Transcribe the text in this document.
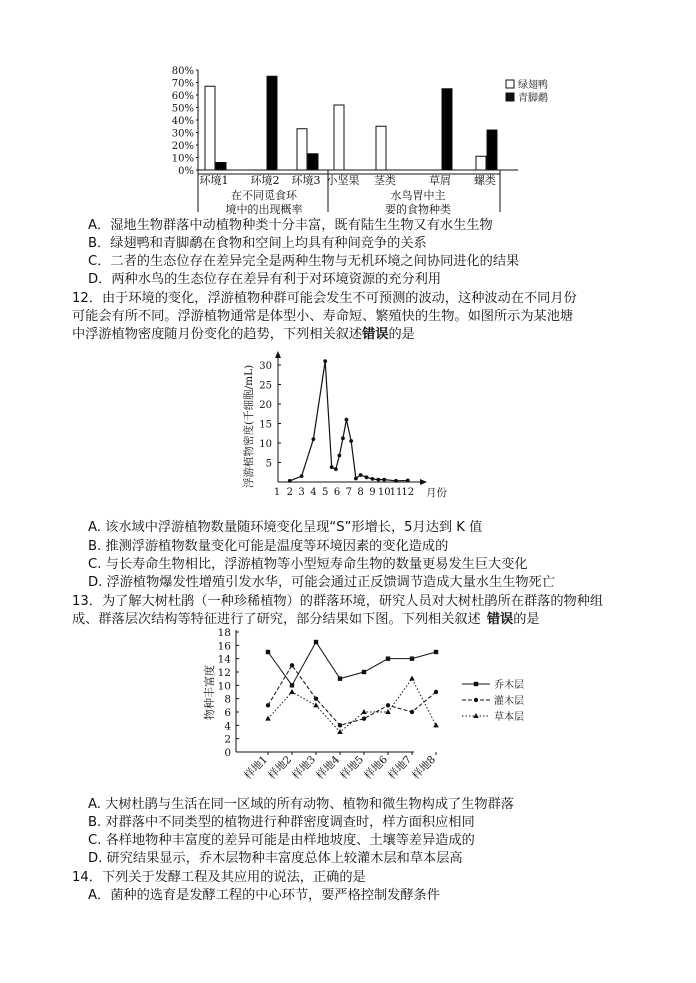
80%
70%
60%
50%
40%
30%
20%
10%
0%
环境1 环境2 环境3 小坚果 茎类	草屑 螺类
在不同觅食环
境中的出现概率
水鸟胃中主
要的食物种类
绿翅鸭
青脚鹬
A．湿地生物群落中动植物种类十分丰富，既有陆生生物又有水生生物
B．绿翅鸭和青脚鹬在食物和空间上均具有种间竞争的关系
C．二者的生态位存在差异完全是两种生物与无机环境之间协同进化的结果
D．两种水鸟的生态位存在差异有利于对环境资源的充分利用
12．由于环境的变化，浮游植物种群可能会发生不可预测的波动，这种波动在不同月份
可能会有所不同。浮游植物通常是体型小、寿命短、繁殖快的生物。如图所示为某池塘
中浮游植物密度随月份变化的趋势，下列相关叙述错误的是
浮游植物密度(千细胞/mL) 30
25
20
15
10
5
1 2 3 4 5 6 7 8 9 10 11 12 月份
A. 该水域中浮游植物数量随环境变化呈现“S”形增长，5月达到 K 值
B. 推测浮游植物数量变化可能是温度等环境因素的变化造成的
C. 与长寿命生物相比，浮游植物等小型短寿命生物的数量更易发生巨大变化
D. 浮游植物爆发性增殖引发水华，可能会通过正反馈调节造成大量水生生物死亡
13．为了解大树杜鹃（一种珍稀植物）的群落环境，研究人员对大树杜鹃所在群落的物种组
成、群落层次结构等特征进行了研究，部分结果如下图。下列相关叙述 错误的是
物种丰富度
18
16
14
12
10
8
6
4
2
0
样地1
样地2
样地3
样地4
样地5
样地6
样地7
样地8
乔木层
灌木层
草本层
A. 大树杜鹃与生活在同一区域的所有动物、植物和微生物构成了生物群落
B. 对群落中不同类型的植物进行种群密度调查时，样方面积应相同
C. 各样地物种丰富度的差异可能是由样地坡度、土壤等差异造成的
D. 研究结果显示，乔木层物种丰富度总体上较灌木层和草本层高
14．下列关于发酵工程及其应用的说法，正确的是
A．菌种的选育是发酵工程的中心环节，要严格控制发酵条件
